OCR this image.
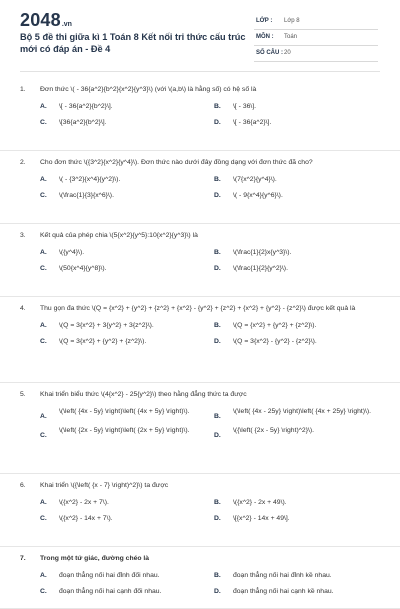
2048 .vn
Bộ 5 đề thi giữa kì 1 Toán 8 Kết nối tri thức cấu trúc mới có đáp án - Đề 4
LỚP : Lớp 8
MÔN : Toán
SỐ CÂU : 20
1. Đơn thức \( - 36{a^2}{b^2}{x^2}{y^3}\) (với \(a,b\) là hằng số) có hệ số là
A. \[ - 36{a^2}{b^2}\].	B. \[ - 36\].
C. \[36{a^2}{b^2}\].	D. \[ - 36{a^2}\].
2. Cho đơn thức \({3^2}{x^2}{y^4}\). Đơn thức nào dưới đây đồng dạng với đơn thức đã cho?
A. \( - {3^2}{x^4}{y^2}\).	B. \(7{x^2}{y^4}\).
C. \(\frac{1}{3}{x^6}\).	D. \( - 9{x^4}{y^6}\).
3. Kết quả của phép chia \(5{x^2}{y^5}:10{x^2}{y^3}\) là
A. \({y^4}\).	B. \(\frac{1}{2}x{y^3}\).
C. \(50{x^4}{y^8}\).	D. \(\frac{1}{2}{y^2}\).
4. Thu gọn đa thức \(Q = {x^2} + {y^2} + {z^2} + {x^2} - {y^2} + {z^2} + {x^2} + {y^2} - {z^2}\) được kết quả là
A. \(Q = 3{x^2} + 3{y^2} + 3{z^2}\).	B. \(Q = {x^2} + {y^2} + {z^2}\).
C. \(Q = 3{x^2} + {y^2} + {z^2}\).	D. \(Q = 3{x^2} - {y^2} - {z^2}\).
5. Khai triển biểu thức \(4{x^2} - 25{y^2}\) theo hằng đẳng thức ta được
A.
\(\left( {4x - 5y} \right)\left( {4x + 5y} \right)\).
B.
\(\left( {4x - 25y} \right)\left( {4x + 25y} \right)\).
C.
\(\left( {2x - 5y} \right)\left( {2x + 5y} \right)\).
D.
\({\left( {2x - 5y} \right)^2}\).
6. Khai triển \({\left( {x - 7} \right)^2}\) ta được
A. \({x^2} - 2x + 7\).	B. \({x^2} - 2x + 49\).
C. \({x^2} - 14x + 7\).	D. \[{x^2} - 14x + 49\].
7. Trong một tứ giác, đường chéo là
A. đoạn thẳng nối hai đỉnh đối nhau.	B. đoạn thẳng nối hai đỉnh kề nhau.
C. đoạn thẳng nối hai cạnh đối nhau.	D. đoạn thẳng nối hai cạnh kề nhau.
